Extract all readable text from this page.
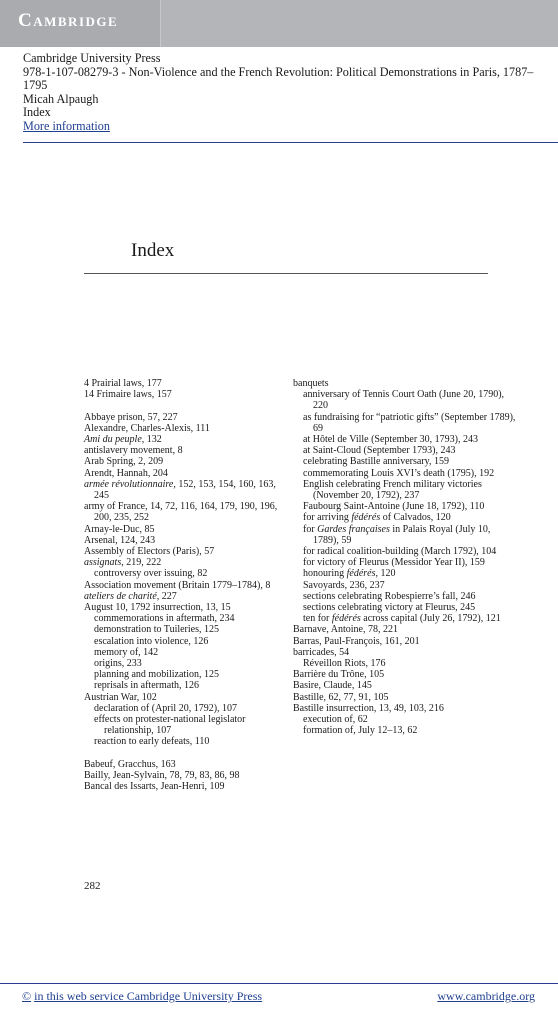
Cambridge
Cambridge University Press
978-1-107-08279-3 - Non-Violence and the French Revolution: Political Demonstrations in Paris, 1787–1795
Micah Alpaugh
Index
More information
Index
4 Prairial laws, 177
14 Frimaire laws, 157
Abbaye prison, 57, 227
Alexandre, Charles-Alexis, 111
Ami du peuple, 132
antislavery movement, 8
Arab Spring, 2, 209
Arendt, Hannah, 204
armée révolutionnaire, 152, 153, 154, 160, 163, 245
army of France, 14, 72, 116, 164, 179, 190, 196, 200, 235, 252
Arnay-le-Duc, 85
Arsenal, 124, 243
Assembly of Electors (Paris), 57
assignats, 219, 222
controversy over issuing, 82
Association movement (Britain 1779–1784), 8
ateliers de charité, 227
August 10, 1792 insurrection, 13, 15
commemorations in aftermath, 234
demonstration to Tuileries, 125
escalation into violence, 126
memory of, 142
origins, 233
planning and mobilization, 125
reprisals in aftermath, 126
Austrian War, 102
declaration of (April 20, 1792), 107
effects on protester-national legislator relationship, 107
reaction to early defeats, 110
Babeuf, Gracchus, 163
Bailly, Jean-Sylvain, 78, 79, 83, 86, 98
Bancal des Issarts, Jean-Henri, 109
banquets
anniversary of Tennis Court Oath (June 20, 1790), 220
as fundraising for “patriotic gifts” (September 1789), 69
at Hôtel de Ville (September 30, 1793), 243
at Saint-Cloud (September 1793), 243
celebrating Bastille anniversary, 159
commemorating Louis XVI’s death (1795), 192
English celebrating French military victories (November 20, 1792), 237
Faubourg Saint-Antoine (June 18, 1792), 110
for arriving fédérés of Calvados, 120
for Gardes françaises in Palais Royal (July 10, 1789), 59
for radical coalition-building (March 1792), 104
for victory of Fleurus (Messidor Year II), 159
honouring fédérés, 120
Savoyards, 236, 237
sections celebrating Robespierre’s fall, 246
sections celebrating victory at Fleurus, 245
ten for fédérés across capital (July 26, 1792), 121
Barnave, Antoine, 78, 221
Barras, Paul-François, 161, 201
barricades, 54
Réveillon Riots, 176
Barrière du Trône, 105
Basire, Claude, 145
Bastille, 62, 77, 91, 105
Bastille insurrection, 13, 49, 103, 216
execution of, 62
formation of, July 12–13, 62
282
© in this web service Cambridge University Press	www.cambridge.org
